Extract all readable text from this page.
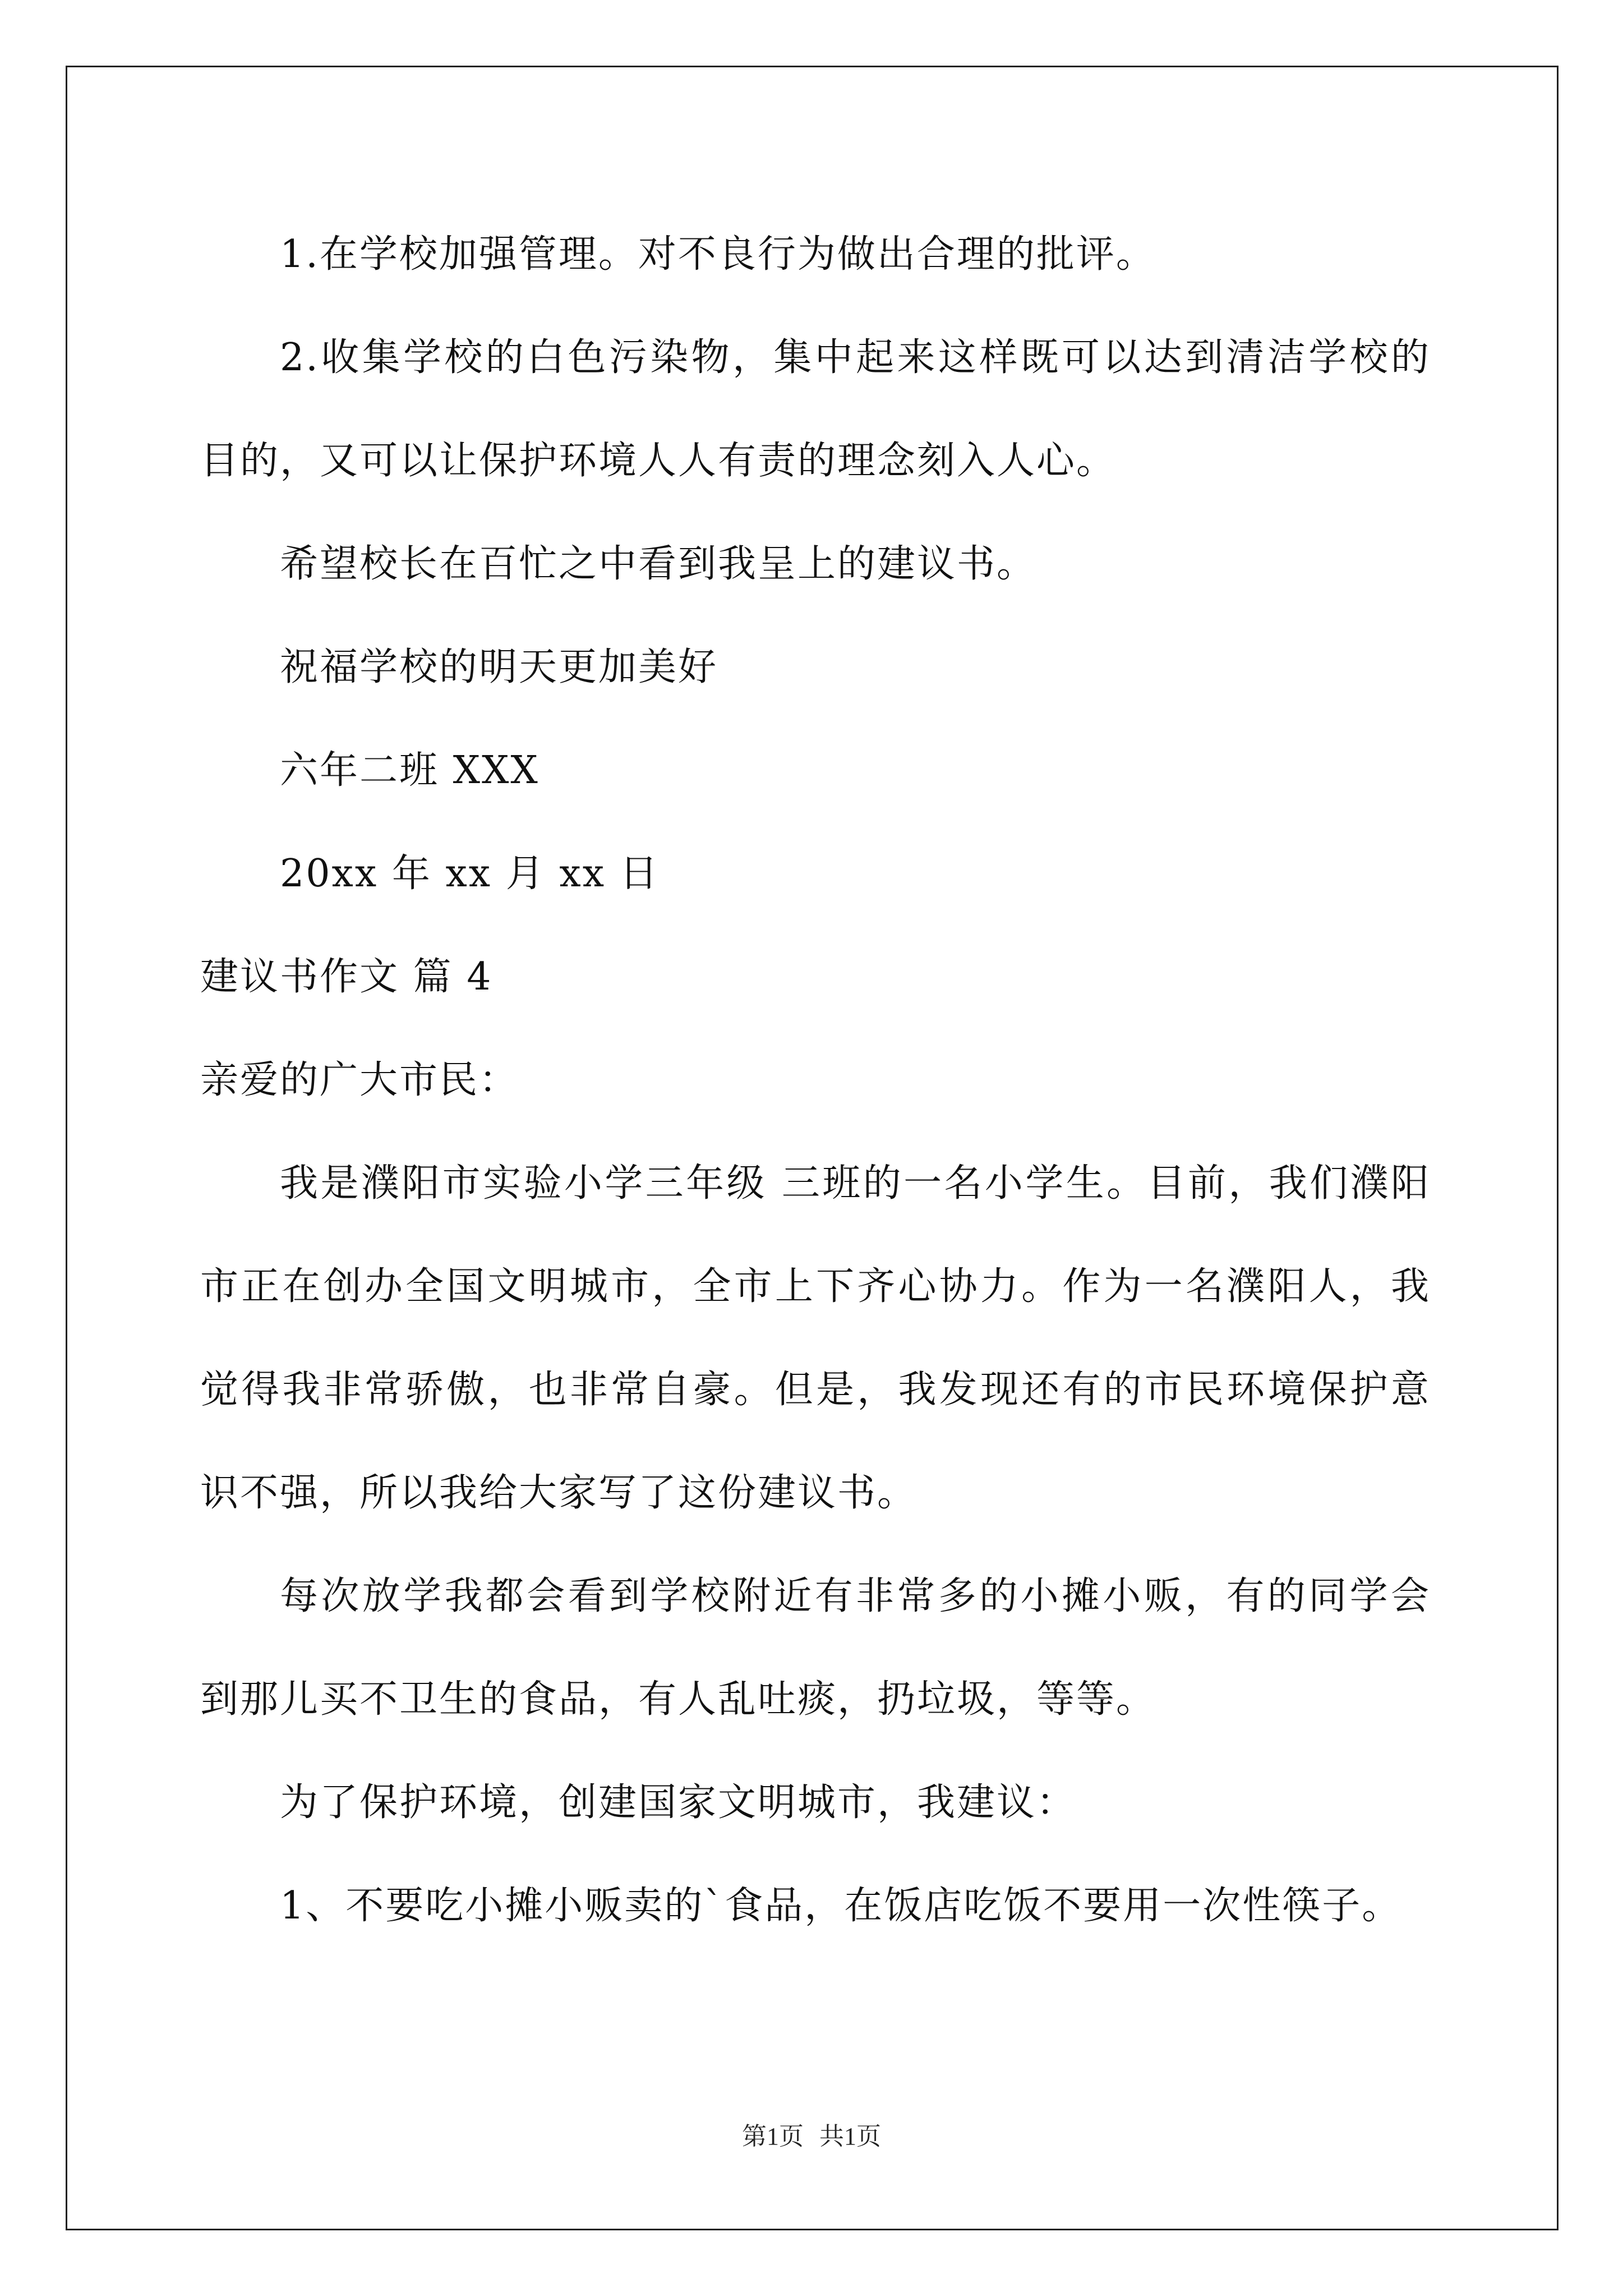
1.在学校加强管理。对不良行为做出合理的批评。
2.收集学校的白色污染物，集中起来这样既可以达到清洁学校的
目的，又可以让保护环境人人有责的理念刻入人心。
希望校长在百忙之中看到我呈上的建议书。
祝福学校的明天更加美好
六年二班 XXX
20xx 年 xx 月 xx 日
建议书作文 篇 4
亲爱的广大市民：
我是濮阳市实验小学三年级 三班的一名小学生。目前，我们濮阳
市正在创办全国文明城市，全市上下齐心协力。作为一名濮阳人，我
觉得我非常骄傲，也非常自豪。但是，我发现还有的市民环境保护意
识不强，所以我给大家写了这份建议书。
每次放学我都会看到学校附近有非常多的小摊小贩，有的同学会
到那儿买不卫生的食品，有人乱吐痰，扔垃圾，等等。
为了保护环境，创建国家文明城市，我建议：
1、不要吃小摊小贩卖的`食品，在饭店吃饭不要用一次性筷子。
第1页 共1页
